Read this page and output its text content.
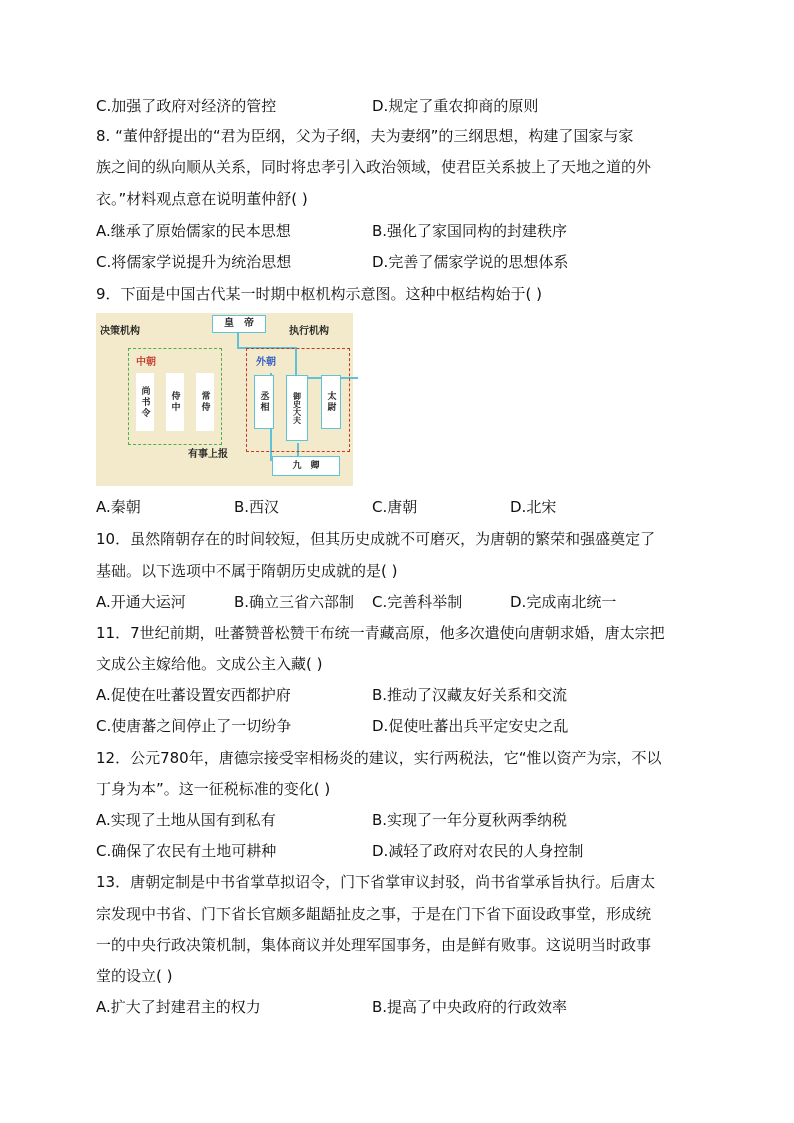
C.加强了政府对经济的管控	D.规定了重农抑商的原则
8. “董仲舒提出的“君为臣纲，父为子纲，夫为妻纲”的三纲思想，构建了国家与家
族之间的纵向顺从关系，同时将忠孝引入政治领域，使君臣关系披上了天地之道的外
衣。”材料观点意在说明董仲舒( )
A.继承了原始儒家的民本思想	B.强化了家国同构的封建秩序
C.将儒家学说提升为统治思想	D.完善了儒家学说的思想体系
9．下面是中国古代某一时期中枢机构示意图。这种中枢结构始于( )
决策机构
皇　帝
执行机构
中朝
尚书令	侍中	常侍
外朝
丞相	御史大夫	太尉
有事上报
九　卿
A.秦朝	B.西汉	C.唐朝	D.北宋
10．虽然隋朝存在的时间较短，但其历史成就不可磨灭，为唐朝的繁荣和强盛奠定了
基础。以下选项中不属于隋朝历史成就的是( )
A.开通大运河	B.确立三省六部制 C.完善科举制	D.完成南北统一
11．7世纪前期，吐蕃赞普松赞干布统一青藏高原，他多次遣使向唐朝求婚，唐太宗把
文成公主嫁给他。文成公主入藏( )
A.促使在吐蕃设置安西都护府	B.推动了汉藏友好关系和交流
C.使唐蕃之间停止了一切纷争	D.促使吐蕃出兵平定安史之乱
12．公元780年，唐德宗接受宰相杨炎的建议，实行两税法，它“惟以资产为宗，不以
丁身为本”。这一征税标准的变化( )
A.实现了土地从国有到私有	B.实现了一年分夏秋两季纳税
C.确保了农民有土地可耕种	D.减轻了政府对农民的人身控制
13．唐朝定制是中书省掌草拟诏令，门下省掌审议封驳，尚书省掌承旨执行。后唐太
宗发现中书省、门下省长官颇多龃龉扯皮之事，于是在门下省下面设政事堂，形成统
一的中央行政决策机制，集体商议并处理军国事务，由是鲜有败事。这说明当时政事
堂的设立( )
A.扩大了封建君主的权力	B.提高了中央政府的行政效率
